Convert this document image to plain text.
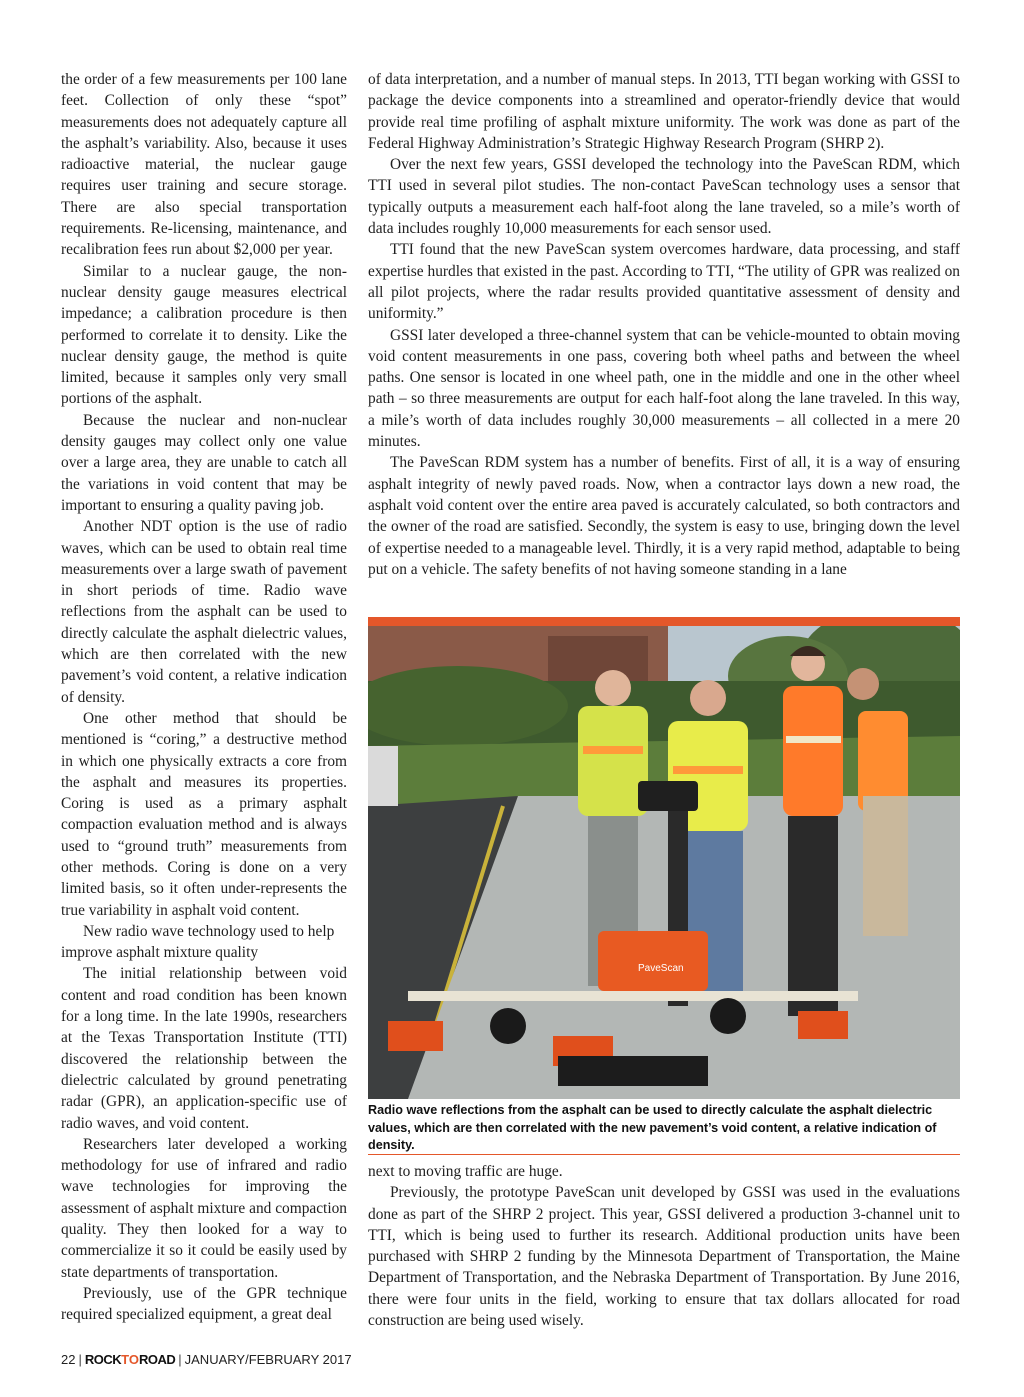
the order of a few measurements per 100 lane feet. Collection of only these “spot” measurements does not adequately capture all the asphalt’s variability. Also, because it uses radioactive material, the nuclear gauge requires user training and secure storage. There are also special transportation requirements. Re-licensing, maintenance, and recalibration fees run about $2,000 per year.

Similar to a nuclear gauge, the non-nuclear density gauge measures electrical impedance; a calibration procedure is then performed to correlate it to density. Like the nuclear density gauge, the method is quite limited, because it samples only very small portions of the asphalt.

Because the nuclear and non-nuclear density gauges may collect only one value over a large area, they are unable to catch all the variations in void content that may be important to ensuring a quality paving job.

Another NDT option is the use of radio waves, which can be used to obtain real time measurements over a large swath of pavement in short periods of time. Radio wave reflections from the asphalt can be used to directly calculate the asphalt dielectric values, which are then correlated with the new pavement’s void content, a relative indication of density.

One other method that should be mentioned is “coring,” a destructive method in which one physically extracts a core from the asphalt and measures its properties. Coring is used as a primary asphalt compaction evaluation method and is always used to “ground truth” measurements from other methods. Coring is done on a very limited basis, so it often under-represents the true variability in asphalt void content.

New radio wave technology used to help improve asphalt mixture quality

The initial relationship between void content and road condition has been known for a long time. In the late 1990s, researchers at the Texas Transportation Institute (TTI) discovered the relationship between the dielectric calculated by ground penetrating radar (GPR), an application-specific use of radio waves, and void content.

Researchers later developed a working methodology for use of infrared and radio wave technologies for improving the assessment of asphalt mixture and compaction quality. They then looked for a way to commercialize it so it could be easily used by state departments of transportation.

Previously, use of the GPR technique required specialized equipment, a great deal

of data interpretation, and a number of manual steps. In 2013, TTI began working with GSSI to package the device components into a streamlined and operator-friendly device that would provide real time profiling of asphalt mixture uniformity. The work was done as part of the Federal Highway Administration’s Strategic Highway Research Program (SHRP 2).

Over the next few years, GSSI developed the technology into the PaveScan RDM, which TTI used in several pilot studies. The non-contact PaveScan technology uses a sensor that typically outputs a measurement each half-foot along the lane traveled, so a mile’s worth of data includes roughly 10,000 measurements for each sensor used.

TTI found that the new PaveScan system overcomes hardware, data processing, and staff expertise hurdles that existed in the past. According to TTI, “The utility of GPR was realized on all pilot projects, where the radar results provided quantitative assessment of density and uniformity.”

GSSI later developed a three-channel system that can be vehicle-mounted to obtain moving void content measurements in one pass, covering both wheel paths and between the wheel paths. One sensor is located in one wheel path, one in the middle and one in the other wheel path – so three measurements are output for each half-foot along the lane traveled. In this way, a mile’s worth of data includes roughly 30,000 measurements – all collected in a mere 20 minutes.

The PaveScan RDM system has a number of benefits. First of all, it is a way of ensuring asphalt integrity of newly paved roads. Now, when a contractor lays down a new road, the asphalt void content over the entire area paved is accurately calculated, so both contractors and the owner of the road are satisfied. Secondly, the system is easy to use, bringing down the level of expertise needed to a manageable level. Thirdly, it is a very rapid method, adaptable to being put on a vehicle. The safety benefits of not having someone standing in a lane

PaveScan
Radio wave reflections from the asphalt can be used to directly calculate the asphalt dielectric values, which are then correlated with the new pavement’s void content, a relative indication of density.

next to moving traffic are huge.

Previously, the prototype PaveScan unit developed by GSSI was used in the evaluations done as part of the SHRP 2 project. This year, GSSI delivered a production 3-channel unit to TTI, which is being used to further its research. Additional production units have been purchased with SHRP 2 funding by the Minnesota Department of Transportation, the Maine Department of Transportation, and the Nebraska Department of Transportation. By June 2016, there were four units in the field, working to ensure that tax dollars allocated for road construction are being used wisely.

22 | ROCKTOROAD | JANUARY/FEBRUARY 2017
